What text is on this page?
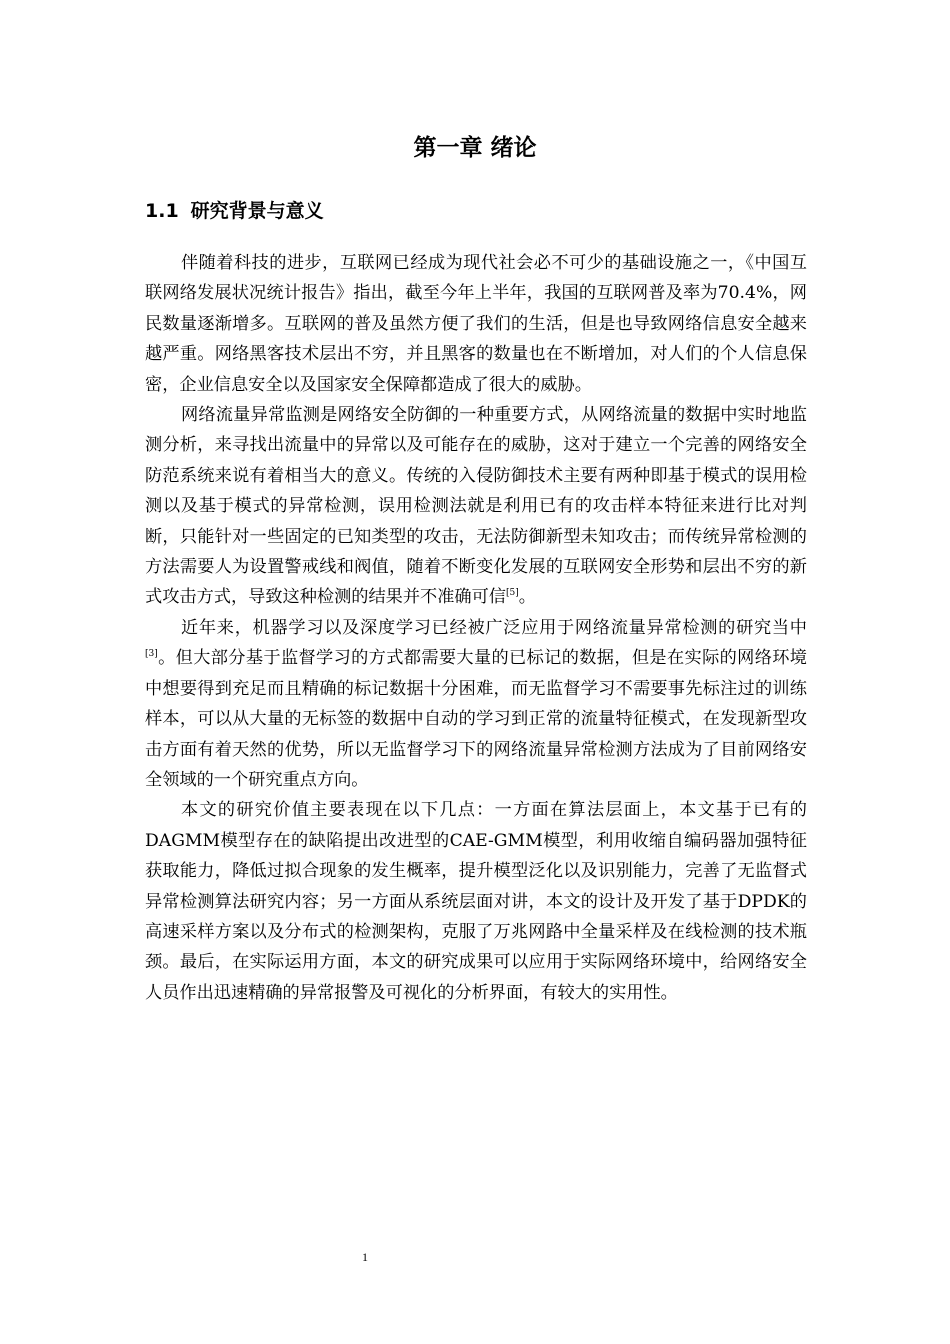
第一章 绪论
1.1 研究背景与意义

伴随着科技的进步，互联网已经成为现代社会必不可少的基础设施之一，《中国互联网络发展状况统计报告》指出，截至今年上半年，我国的互联网普及率为70.4%，网民数量逐渐增多。互联网的普及虽然方便了我们的生活，但是也导致网络信息安全越来越严重。网络黑客技术层出不穷，并且黑客的数量也在不断增加，对人们的个人信息保密，企业信息安全以及国家安全保障都造成了很大的威胁。

网络流量异常监测是网络安全防御的一种重要方式，从网络流量的数据中实时地监测分析，来寻找出流量中的异常以及可能存在的威胁，这对于建立一个完善的网络安全防范系统来说有着相当大的意义。传统的入侵防御技术主要有两种即基于模式的误用检测以及基于模式的异常检测，误用检测法就是利用已有的攻击样本特征来进行比对判断，只能针对一些固定的已知类型的攻击，无法防御新型未知攻击；而传统异常检测的方法需要人为设置警戒线和阀值，随着不断变化发展的互联网安全形势和层出不穷的新式攻击方式，导致这种检测的结果并不准确可信[5]。

近年来，机器学习以及深度学习已经被广泛应用于网络流量异常检测的研究当中[3]。但大部分基于监督学习的方式都需要大量的已标记的数据，但是在实际的网络环境中想要得到充足而且精确的标记数据十分困难，而无监督学习不需要事先标注过的训练样本，可以从大量的无标签的数据中自动的学习到正常的流量特征模式，在发现新型攻击方面有着天然的优势，所以无监督学习下的网络流量异常检测方法成为了目前网络安全领域的一个研究重点方向。

本文的研究价值主要表现在以下几点：一方面在算法层面上，本文基于已有的DAGMM模型存在的缺陷提出改进型的CAE-GMM模型，利用收缩自编码器加强特征获取能力，降低过拟合现象的发生概率，提升模型泛化以及识别能力，完善了无监督式异常检测算法研究内容；另一方面从系统层面对讲，本文的设计及开发了基于DPDK的高速采样方案以及分布式的检测架构，克服了万兆网路中全量采样及在线检测的技术瓶颈。最后，在实际运用方面，本文的研究成果可以应用于实际网络环境中，给网络安全人员作出迅速精确的异常报警及可视化的分析界面，有较大的实用性。

1
